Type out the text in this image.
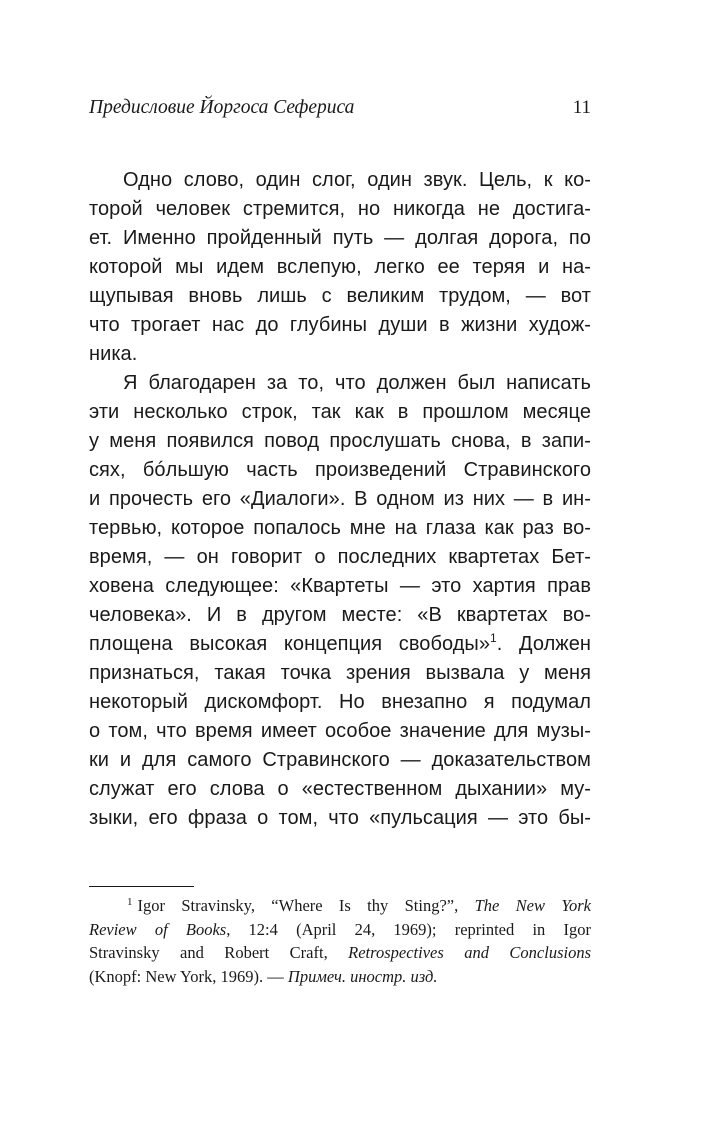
Предисловие Йоргоса Сефериса	11
Одно слово, один слог, один звук. Цель, к ко-
торой человек стремится, но никогда не достига-
ет. Именно пройденный путь — долгая дорога, по
которой мы идем вслепую, легко ее теряя и на-
щупывая вновь лишь с великим трудом, — вот
что трогает нас до глубины души в жизни худож-
ника.
Я благодарен за то, что должен был написать
эти несколько строк, так как в прошлом месяце
у меня появился повод прослушать снова, в запи-
сях, бóльшую часть произведений Стравинского
и прочесть его «Диалоги». В одном из них — в ин-
тервью, которое попалось мне на глаза как раз во-
время, — он говорит о последних квартетах Бет-
ховена следующее: «Квартеты — это хартия прав
человека». И в другом месте: «В квартетах во-
площена высокая концепция свободы»$^1$. Должен
признаться, такая точка зрения вызвала у меня
некоторый дискомфорт. Но внезапно я подумал
о том, что время имеет особое значение для музы-
ки и для самого Стравинского — доказательством
служат его слова о «естественном дыхании» му-
зыки, его фраза о том, что «пульсация — это бы-
$^1$ Igor Stravinsky, “Where Is thy Sting?”, The New York
Review of Books, 12:4 (April 24, 1969); reprinted in Igor
Stravinsky and Robert Craft, Retrospectives and Conclusions
(Knopf: New York, 1969). — Примеч. иностр. изд.
